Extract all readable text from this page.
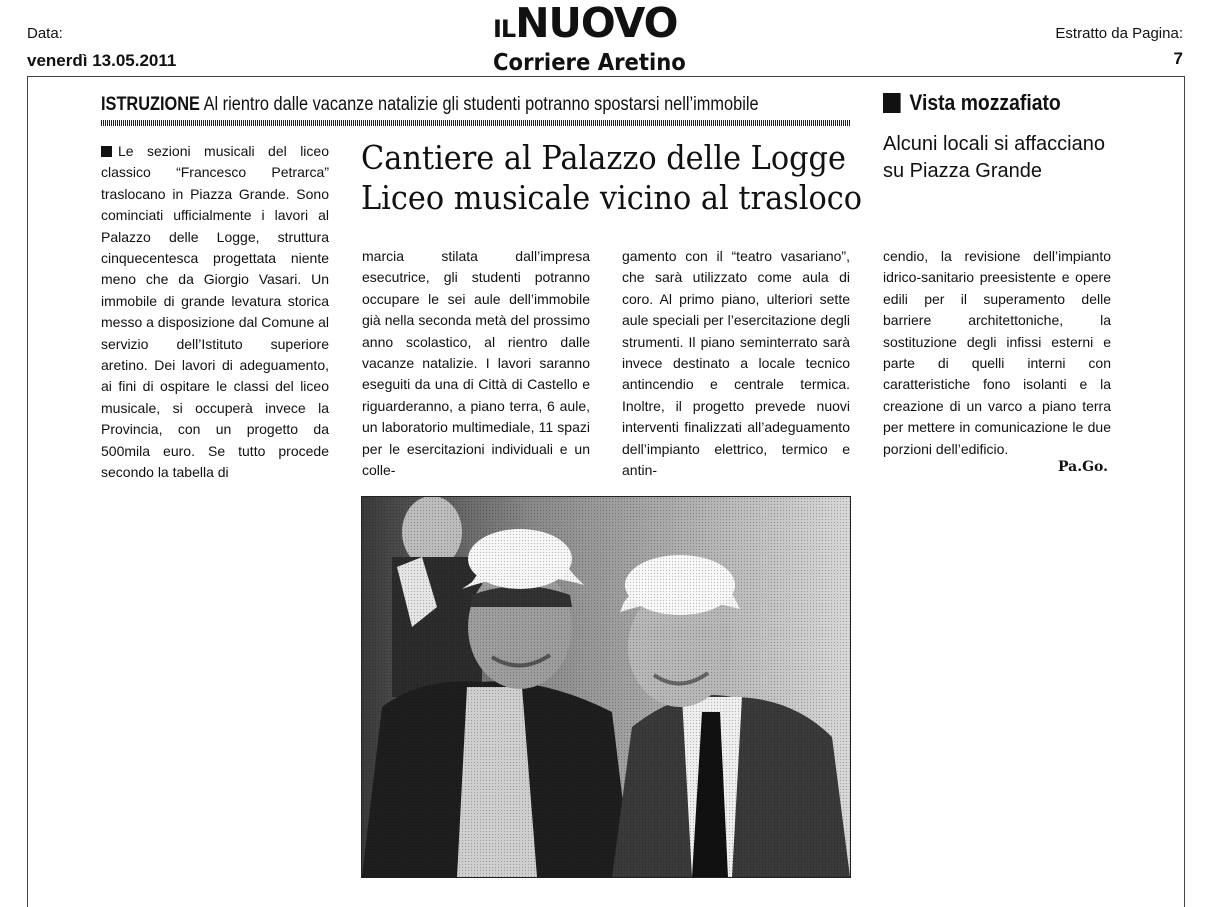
Data:
venerdì 13.05.2011
ILNUOVO
Corriere Aretino
Estratto da Pagina:
7
ISTRUZIONE Al rientro dalle vacanze natalizie gli studenti potranno spostarsi nell’immobile
Cantiere al Palazzo delle Logge
Liceo musicale vicino al trasloco

Le sezioni musicali del liceo classico “Francesco Petrarca” traslocano in Piazza Grande. Sono cominciati ufficialmente i lavori al Palazzo delle Logge, struttura cinquecentesca progettata niente meno che da Giorgio Vasari. Un immobile di grande levatura storica messo a disposizione dal Comune al servizio dell’Istituto superiore aretino. Dei lavori di adeguamento, ai fini di ospitare le classi del liceo musicale, si occuperà invece la Provincia, con un progetto da 500mila euro. Se tutto procede secondo la tabella di

marcia stilata dall’impresa esecutrice, gli studenti potranno occupare le sei aule dell’immobile già nella seconda metà del prossimo anno scolastico, al rientro dalle vacanze natalizie. I lavori saranno eseguiti da una di Città di Castello e riguarderanno, a piano terra, 6 aule, un laboratorio multimediale, 11 spazi per le esercitazioni individuali e un colle-

gamento con il “teatro vasariano”, che sarà utilizzato come aula di coro. Al primo piano, ulteriori sette aule speciali per l’esercitazione degli strumenti. Il piano seminterrato sarà invece destinato a locale tecnico antincendio e centrale termica. Inoltre, il progetto prevede nuovi interventi finalizzati all’adeguamento dell’impianto elettrico, termico e antin-

cendio, la revisione dell’impianto idrico-sanitario preesistente e opere edili per il superamento delle barriere architettoniche, la sostituzione degli infissi esterni e parte di quelli interni con caratteristiche fono isolanti e la creazione di un varco a piano terra per mettere in comunicazione le due porzioni dell’edificio.

Pa.Go.
Vista mozzafiato
Alcuni locali si affacciano su Piazza Grande
